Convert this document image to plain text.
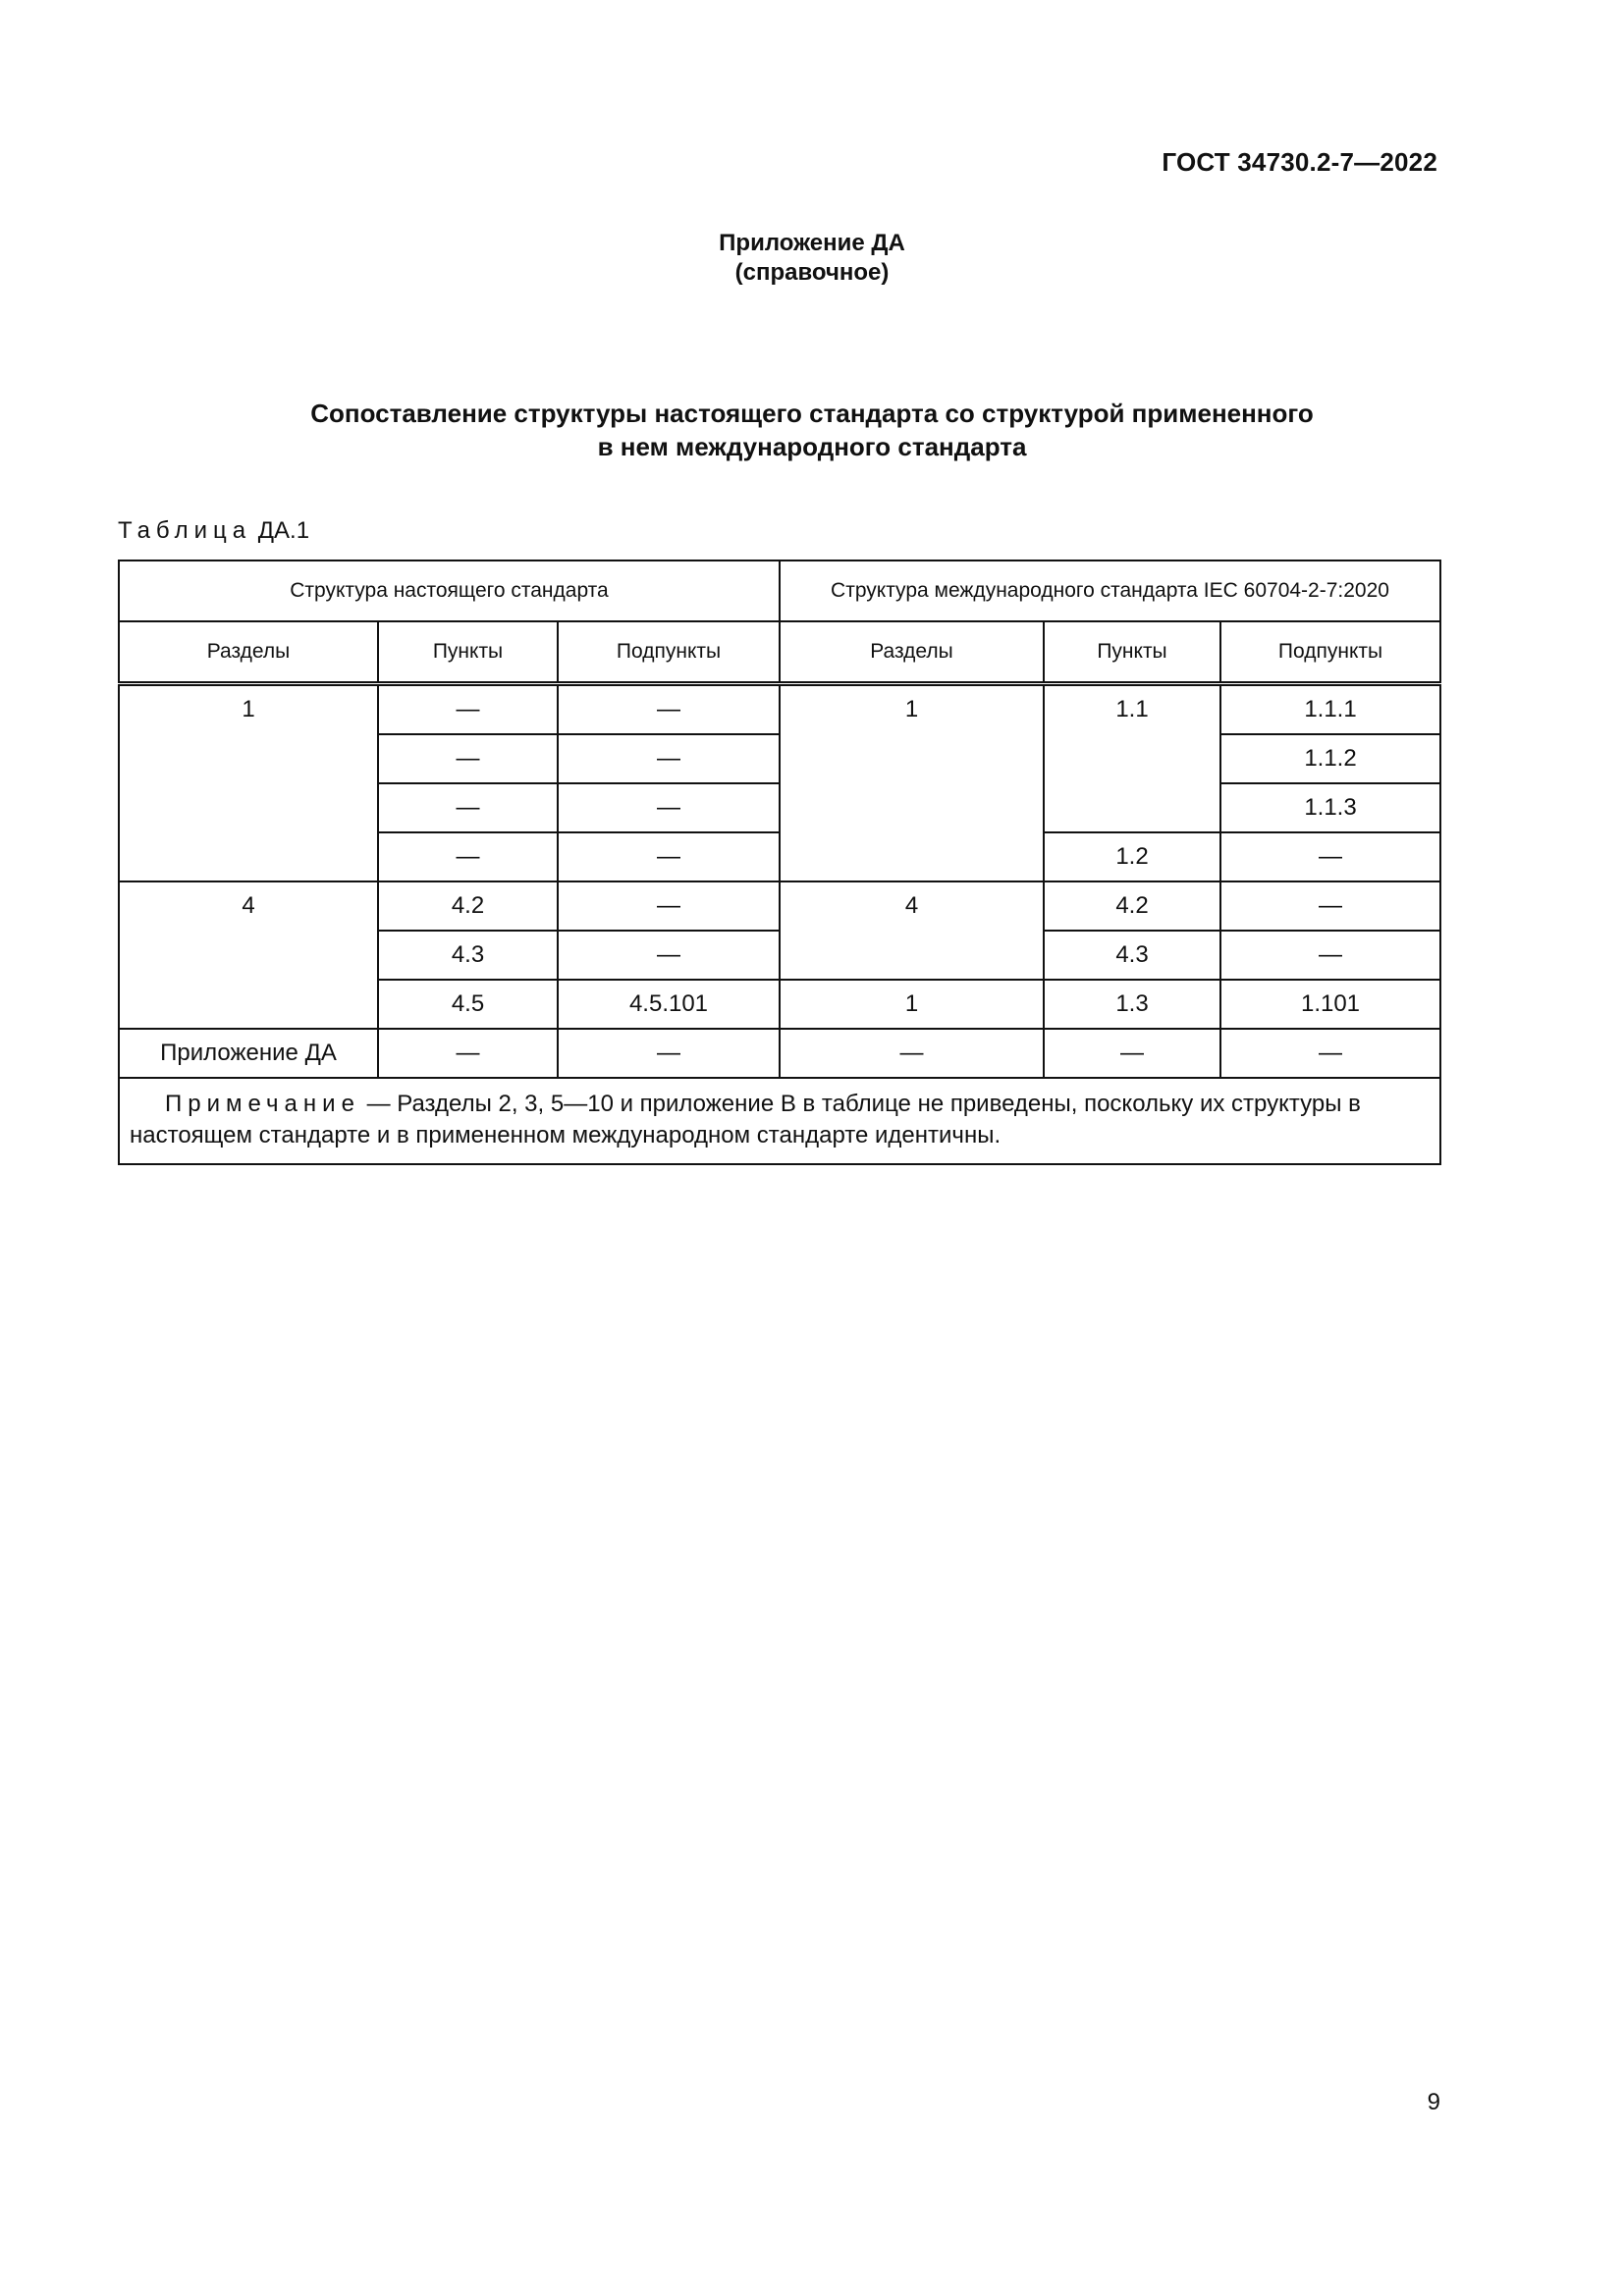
ГОСТ 34730.2-7—2022
Приложение ДА
(справочное)
Сопоставление структуры настоящего стандарта со структурой примененного
в нем международного стандарта
Таблица ДА.1
Структура настоящего стандарта			Структура международного стандарта IEC 60704-2-7:2020		
Разделы	Пункты	Подпункты	Разделы	Пункты	Подпункты
1	—	—	1	1.1	1.1.1
	—	—			1.1.2
	—	—			1.1.3
	—	—		1.2	—
4	4.2	—	4	4.2	—
	4.3	—		4.3	—
	4.5	4.5.101	1	1.3	1.101
Приложение ДА	—	—	—	—	—
Примечание — Разделы 2, 3, 5—10 и приложение В в таблице не приведены, поскольку их структуры в настоящем стандарте и в примененном международном стандарте идентичны.					
9
